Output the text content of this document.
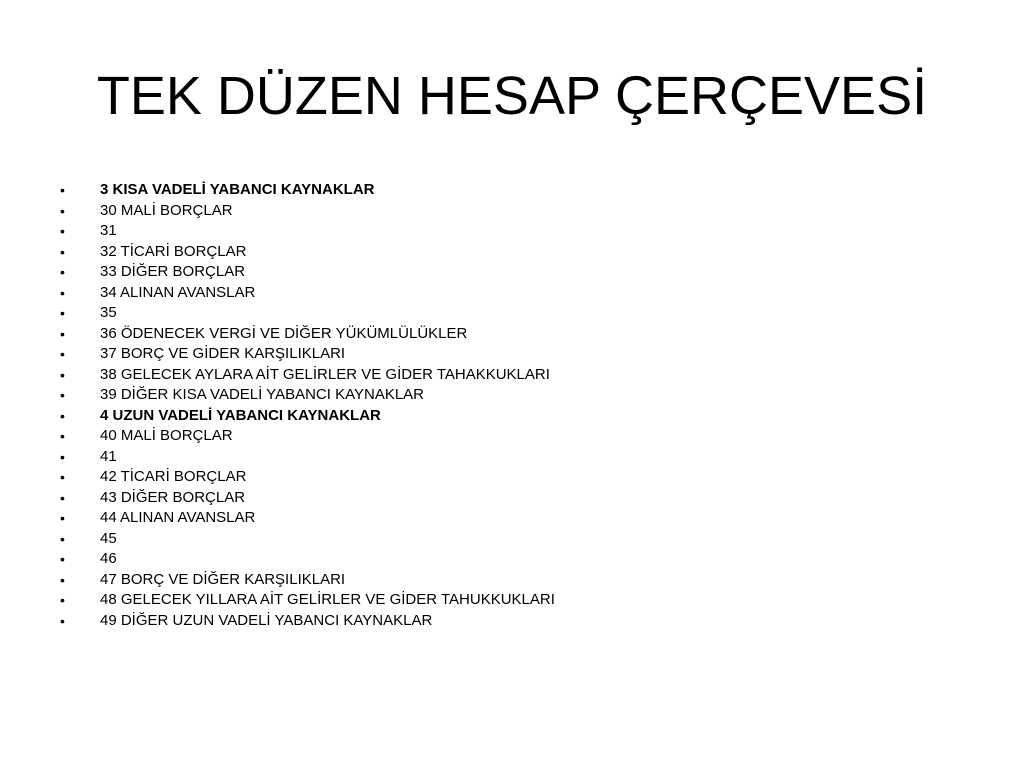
TEK DÜZEN HESAP ÇERÇEVESİ
• 3 KISA VADELİ YABANCI KAYNAKLAR
• 30 MALİ BORÇLAR
• 31
• 32 TİCARİ BORÇLAR
• 33 DİĞER BORÇLAR
• 34 ALINAN AVANSLAR
• 35
• 36 ÖDENECEK VERGİ VE DİĞER YÜKÜMLÜLÜKLER
• 37 BORÇ VE GİDER KARŞILIKLARI
• 38 GELECEK AYLARA AİT GELİRLER VE GİDER TAHAKKUKLARI
• 39 DİĞER KISA VADELİ YABANCI KAYNAKLAR
• 4 UZUN VADELİ YABANCI KAYNAKLAR
• 40 MALİ BORÇLAR
• 41
• 42 TİCARİ BORÇLAR
• 43 DİĞER BORÇLAR
• 44 ALINAN AVANSLAR
• 45
• 46
• 47 BORÇ VE DİĞER KARŞILIKLARI
• 48 GELECEK YILLARA AİT GELİRLER VE GİDER TAHUKKUKLARI
• 49 DİĞER UZUN VADELİ YABANCI KAYNAKLAR
